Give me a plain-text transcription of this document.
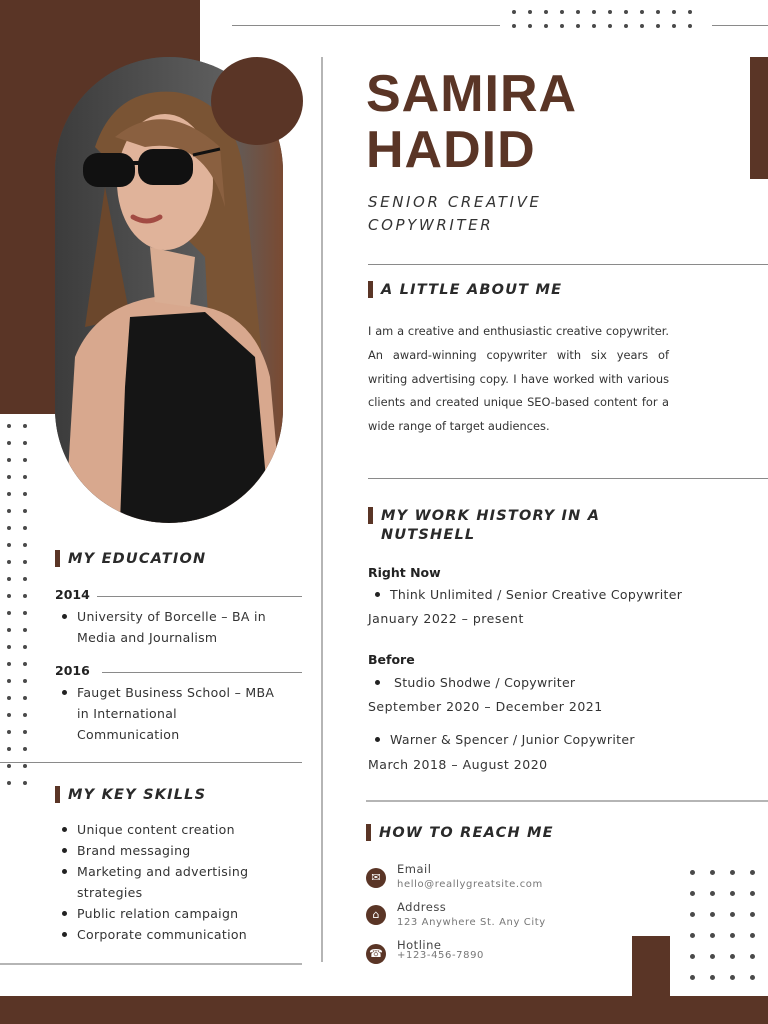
SAMIRA
HADID
SENIOR CREATIVE
COPYWRITER
A LITTLE ABOUT ME
I am a creative and enthusiastic creative copywriter. An award-winning copywriter with six years of writing advertising copy. I have worked with various clients and created unique SEO-based content for a wide range of target audiences.
MY WORK HISTORY IN A
NUTSHELL
Right Now
Think Unlimited / Senior Creative Copywriter
January 2022 – present
Before
Studio Shodwe / Copywriter
September 2020 – December 2021
Warner & Spencer / Junior Copywriter
March 2018 – August 2020
HOW TO REACH ME
✉
Email
hello@reallygreatsite.com
⌂
Address
123 Anywhere St. Any City
☎
Hotline
+123-456-7890
MY EDUCATION
2014
University of Borcelle – BA in Media and Journalism
2016
Fauget Business School – MBA in International Communication
MY KEY SKILLS
Unique content creation
Brand messaging
Marketing and advertising strategies
Public relation campaign
Corporate communication
